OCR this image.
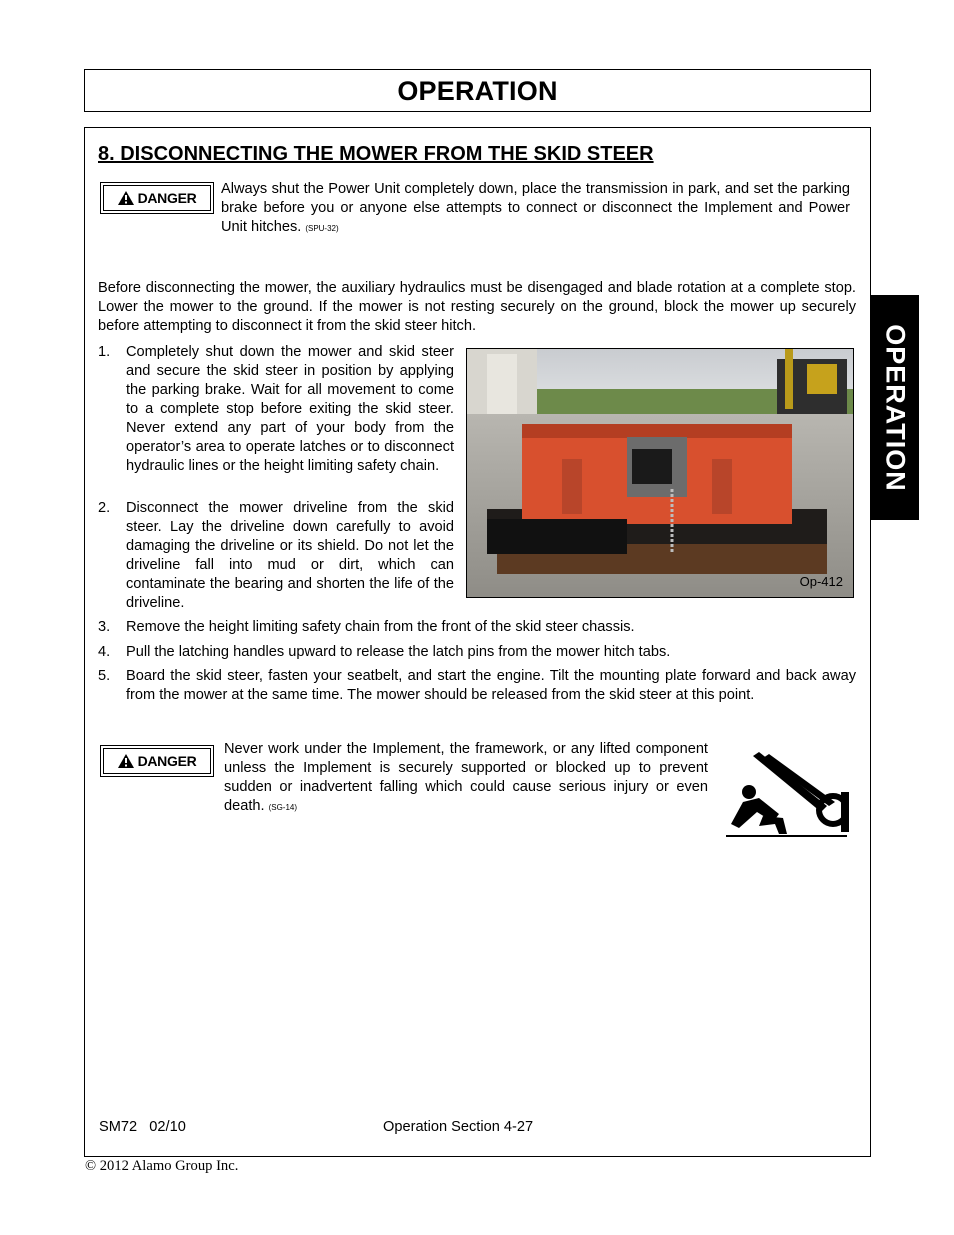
OPERATION
OPERATION
8. DISCONNECTING THE MOWER FROM THE SKID STEER
DANGER
Always shut the Power Unit completely down, place the transmission in park, and set the parking brake before you or anyone else attempts to connect or disconnect the Implement and Power Unit hitches. (SPU-32)
Before disconnecting the mower, the auxiliary hydraulics must be disengaged and blade rotation at a complete stop. Lower the mower to the ground. If the mower is not resting securely on the ground, block the mower up securely before attempting to disconnect it from the skid steer hitch.
1. Completely shut down the mower and skid steer and secure the skid steer in position by applying the parking brake. Wait for all movement to come to a complete stop before exiting the skid steer. Never extend any part of your body from the operator’s area to operate latches or to disconnect hydraulic lines or the height limiting safety chain.
2. Disconnect the mower driveline from the skid steer. Lay the driveline down carefully to avoid damaging the driveline or its shield. Do not let the driveline fall into mud or dirt, which can contaminate the bearing and shorten the life of the driveline.
Op-412
3. Remove the height limiting safety chain from the front of the skid steer chassis.
4. Pull the latching handles upward to release the latch pins from the mower hitch tabs.
5. Board the skid steer, fasten your seatbelt, and start the engine. Tilt the mounting plate forward and back away from the mower at the same time. The mower should be released from the skid steer at this point.
DANGER
Never work under the Implement, the framework, or any lifted component unless the Implement is securely supported or blocked up to prevent sudden or inadvertent falling which could cause serious injury or even death. (SG-14)
SM72   02/10	Operation Section 4-27
© 2012 Alamo Group Inc.
